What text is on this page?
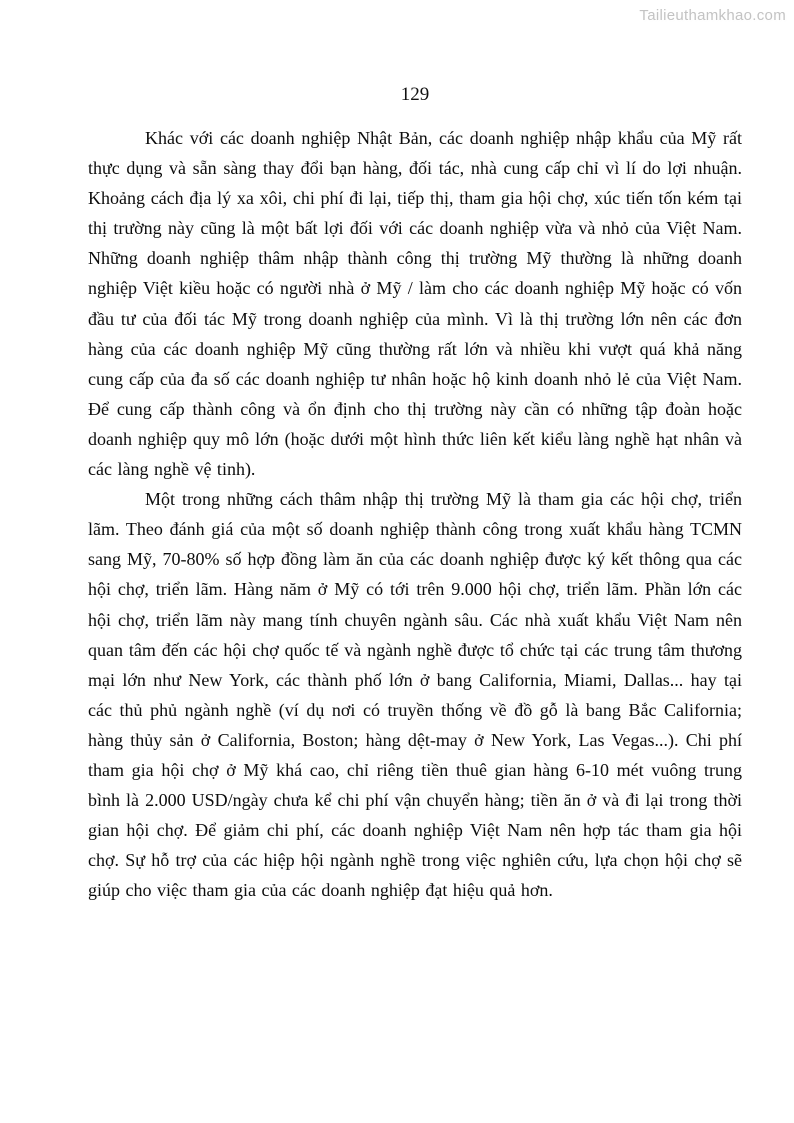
Tailieuthamkhao.com
129

Khác với các doanh nghiệp Nhật Bản, các doanh nghiệp nhập khẩu của Mỹ rất thực dụng và sẵn sàng thay đổi bạn hàng, đối tác, nhà cung cấp chỉ vì lí do lợi nhuận. Khoảng cách địa lý xa xôi, chi phí đi lại, tiếp thị, tham gia hội chợ, xúc tiến tốn kém tại thị trường này cũng là một bất lợi đối với các doanh nghiệp vừa và nhỏ của Việt Nam. Những doanh nghiệp thâm nhập thành công thị trường Mỹ thường là những doanh nghiệp Việt kiều hoặc có người nhà ở Mỹ / làm cho các doanh nghiệp Mỹ hoặc có vốn đầu tư của đối tác Mỹ trong doanh nghiệp của mình. Vì là thị trường lớn nên các đơn hàng của các doanh nghiệp Mỹ cũng thường rất lớn và nhiều khi vượt quá khả năng cung cấp của đa số các doanh nghiệp tư nhân hoặc hộ kinh doanh nhỏ lẻ của Việt Nam. Để cung cấp thành công và ổn định cho thị trường này cần có những tập đoàn hoặc doanh nghiệp quy mô lớn (hoặc dưới một hình thức liên kết kiểu làng nghề hạt nhân và các làng nghề vệ tinh).

Một trong những cách thâm nhập thị trường Mỹ là tham gia các hội chợ, triển lãm. Theo đánh giá của một số doanh nghiệp thành công trong xuất khẩu hàng TCMN sang Mỹ, 70-80% số hợp đồng làm ăn của các doanh nghiệp được ký kết thông qua các hội chợ, triển lãm. Hàng năm ở Mỹ có tới trên 9.000 hội chợ, triển lãm. Phần lớn các hội chợ, triển lãm này mang tính chuyên ngành sâu. Các nhà xuất khẩu Việt Nam nên quan tâm đến các hội chợ quốc tế và ngành nghề được tổ chức tại các trung tâm thương mại lớn như New York, các thành phố lớn ở bang California, Miami, Dallas... hay tại các thủ phủ ngành nghề (ví dụ nơi có truyền thống về đồ gỗ là bang Bắc California; hàng thủy sản ở California, Boston; hàng dệt-may ở New York, Las Vegas...). Chi phí tham gia hội chợ ở Mỹ khá cao, chỉ riêng tiền thuê gian hàng 6-10 mét vuông trung bình là 2.000 USD/ngày chưa kể chi phí vận chuyển hàng; tiền ăn ở và đi lại trong thời gian hội chợ. Để giảm chi phí, các doanh nghiệp Việt Nam nên hợp tác tham gia hội chợ. Sự hỗ trợ của các hiệp hội ngành nghề trong việc nghiên cứu, lựa chọn hội chợ sẽ giúp cho việc tham gia của các doanh nghiệp đạt hiệu quả hơn.
